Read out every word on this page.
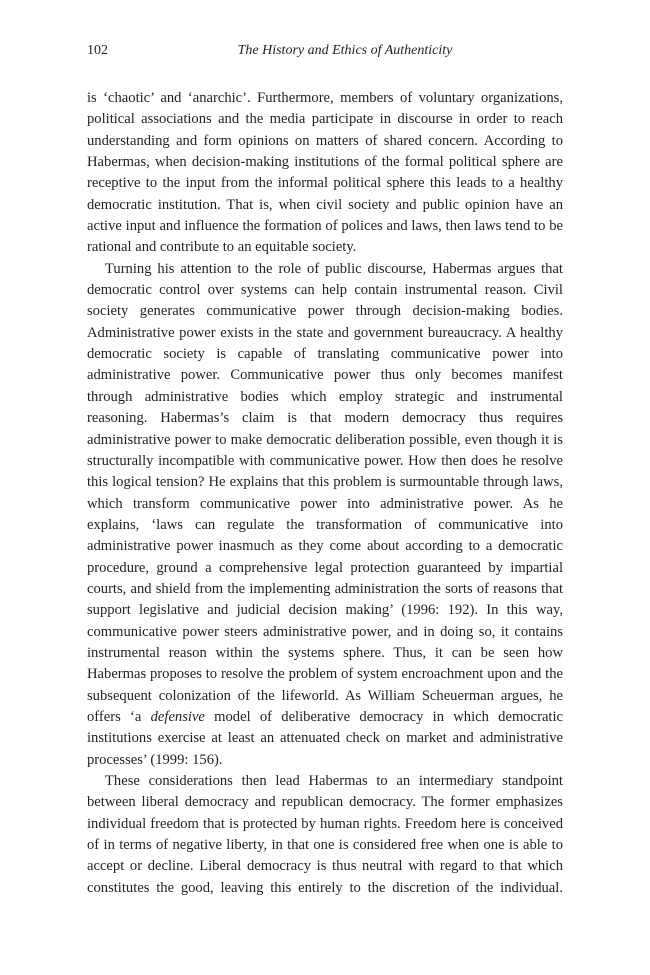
102	The History and Ethics of Authenticity

is ‘chaotic’ and ‘anarchic’. Furthermore, members of voluntary organizations, political associations and the media participate in discourse in order to reach understanding and form opinions on matters of shared concern. According to Habermas, when decision-making institutions of the formal political sphere are receptive to the input from the informal political sphere this leads to a healthy democratic institution. That is, when civil society and public opinion have an active input and influence the formation of polices and laws, then laws tend to be rational and contribute to an equitable society.

Turning his attention to the role of public discourse, Habermas argues that democratic control over systems can help contain instrumental reason. Civil society generates communicative power through decision-making bodies. Administrative power exists in the state and government bureaucracy. A healthy democratic society is capable of translating communicative power into administrative power. Communicative power thus only becomes manifest through administrative bodies which employ strategic and instrumental reasoning. Habermas’s claim is that modern democracy thus requires administrative power to make democratic deliberation possible, even though it is structurally incompatible with communicative power. How then does he resolve this logical tension? He explains that this problem is surmountable through laws, which transform communicative power into administrative power. As he explains, ‘laws can regulate the transformation of communicative into administrative power inasmuch as they come about according to a democratic procedure, ground a comprehensive legal protection guaranteed by impartial courts, and shield from the implementing administration the sorts of reasons that support legislative and judicial decision making’ (1996: 192). In this way, communicative power steers administrative power, and in doing so, it contains instrumental reason within the systems sphere. Thus, it can be seen how Habermas proposes to resolve the problem of system encroachment upon and the subsequent colonization of the lifeworld. As William Scheuerman argues, he offers ‘a defensive model of deliberative democracy in which democratic institutions exercise at least an attenuated check on market and administrative processes’ (1999: 156).

These considerations then lead Habermas to an intermediary standpoint between liberal democracy and republican democracy. The former emphasizes individual freedom that is protected by human rights. Freedom here is conceived of in terms of negative liberty, in that one is considered free when one is able to accept or decline. Liberal democracy is thus neutral with regard to that which constitutes the good, leaving this entirely to the discretion of the individual.
